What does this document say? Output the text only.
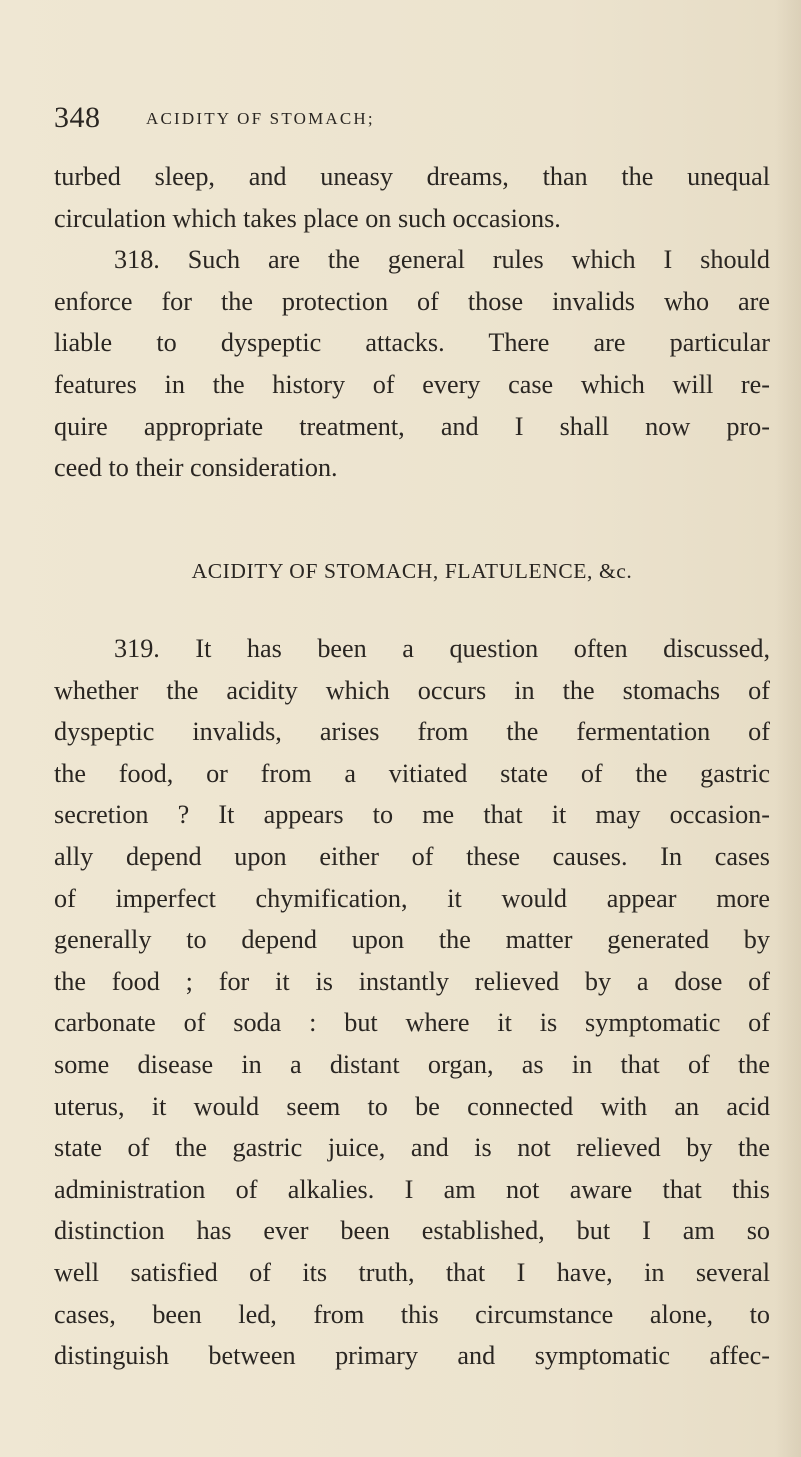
348	ACIDITY OF STOMACH;
turbed sleep, and uneasy dreams, than the unequal
circulation which takes place on such occasions.
318. Such are the general rules which I should
enforce for the protection of those invalids who are
liable to dyspeptic attacks. There are particular
features in the history of every case which will re-
quire appropriate treatment, and I shall now pro-
ceed to their consideration.
ACIDITY OF STOMACH, FLATULENCE, &c.
319. It has been a question often discussed,
whether the acidity which occurs in the stomachs of
dyspeptic invalids, arises from the fermentation of
the food, or from a vitiated state of the gastric
secretion ? It appears to me that it may occasion-
ally depend upon either of these causes. In cases
of imperfect chymification, it would appear more
generally to depend upon the matter generated by
the food ; for it is instantly relieved by a dose of
carbonate of soda : but where it is symptomatic of
some disease in a distant organ, as in that of the
uterus, it would seem to be connected with an acid
state of the gastric juice, and is not relieved by the
administration of alkalies. I am not aware that this
distinction has ever been established, but I am so
well satisfied of its truth, that I have, in several
cases, been led, from this circumstance alone, to
distinguish between primary and symptomatic affec-
